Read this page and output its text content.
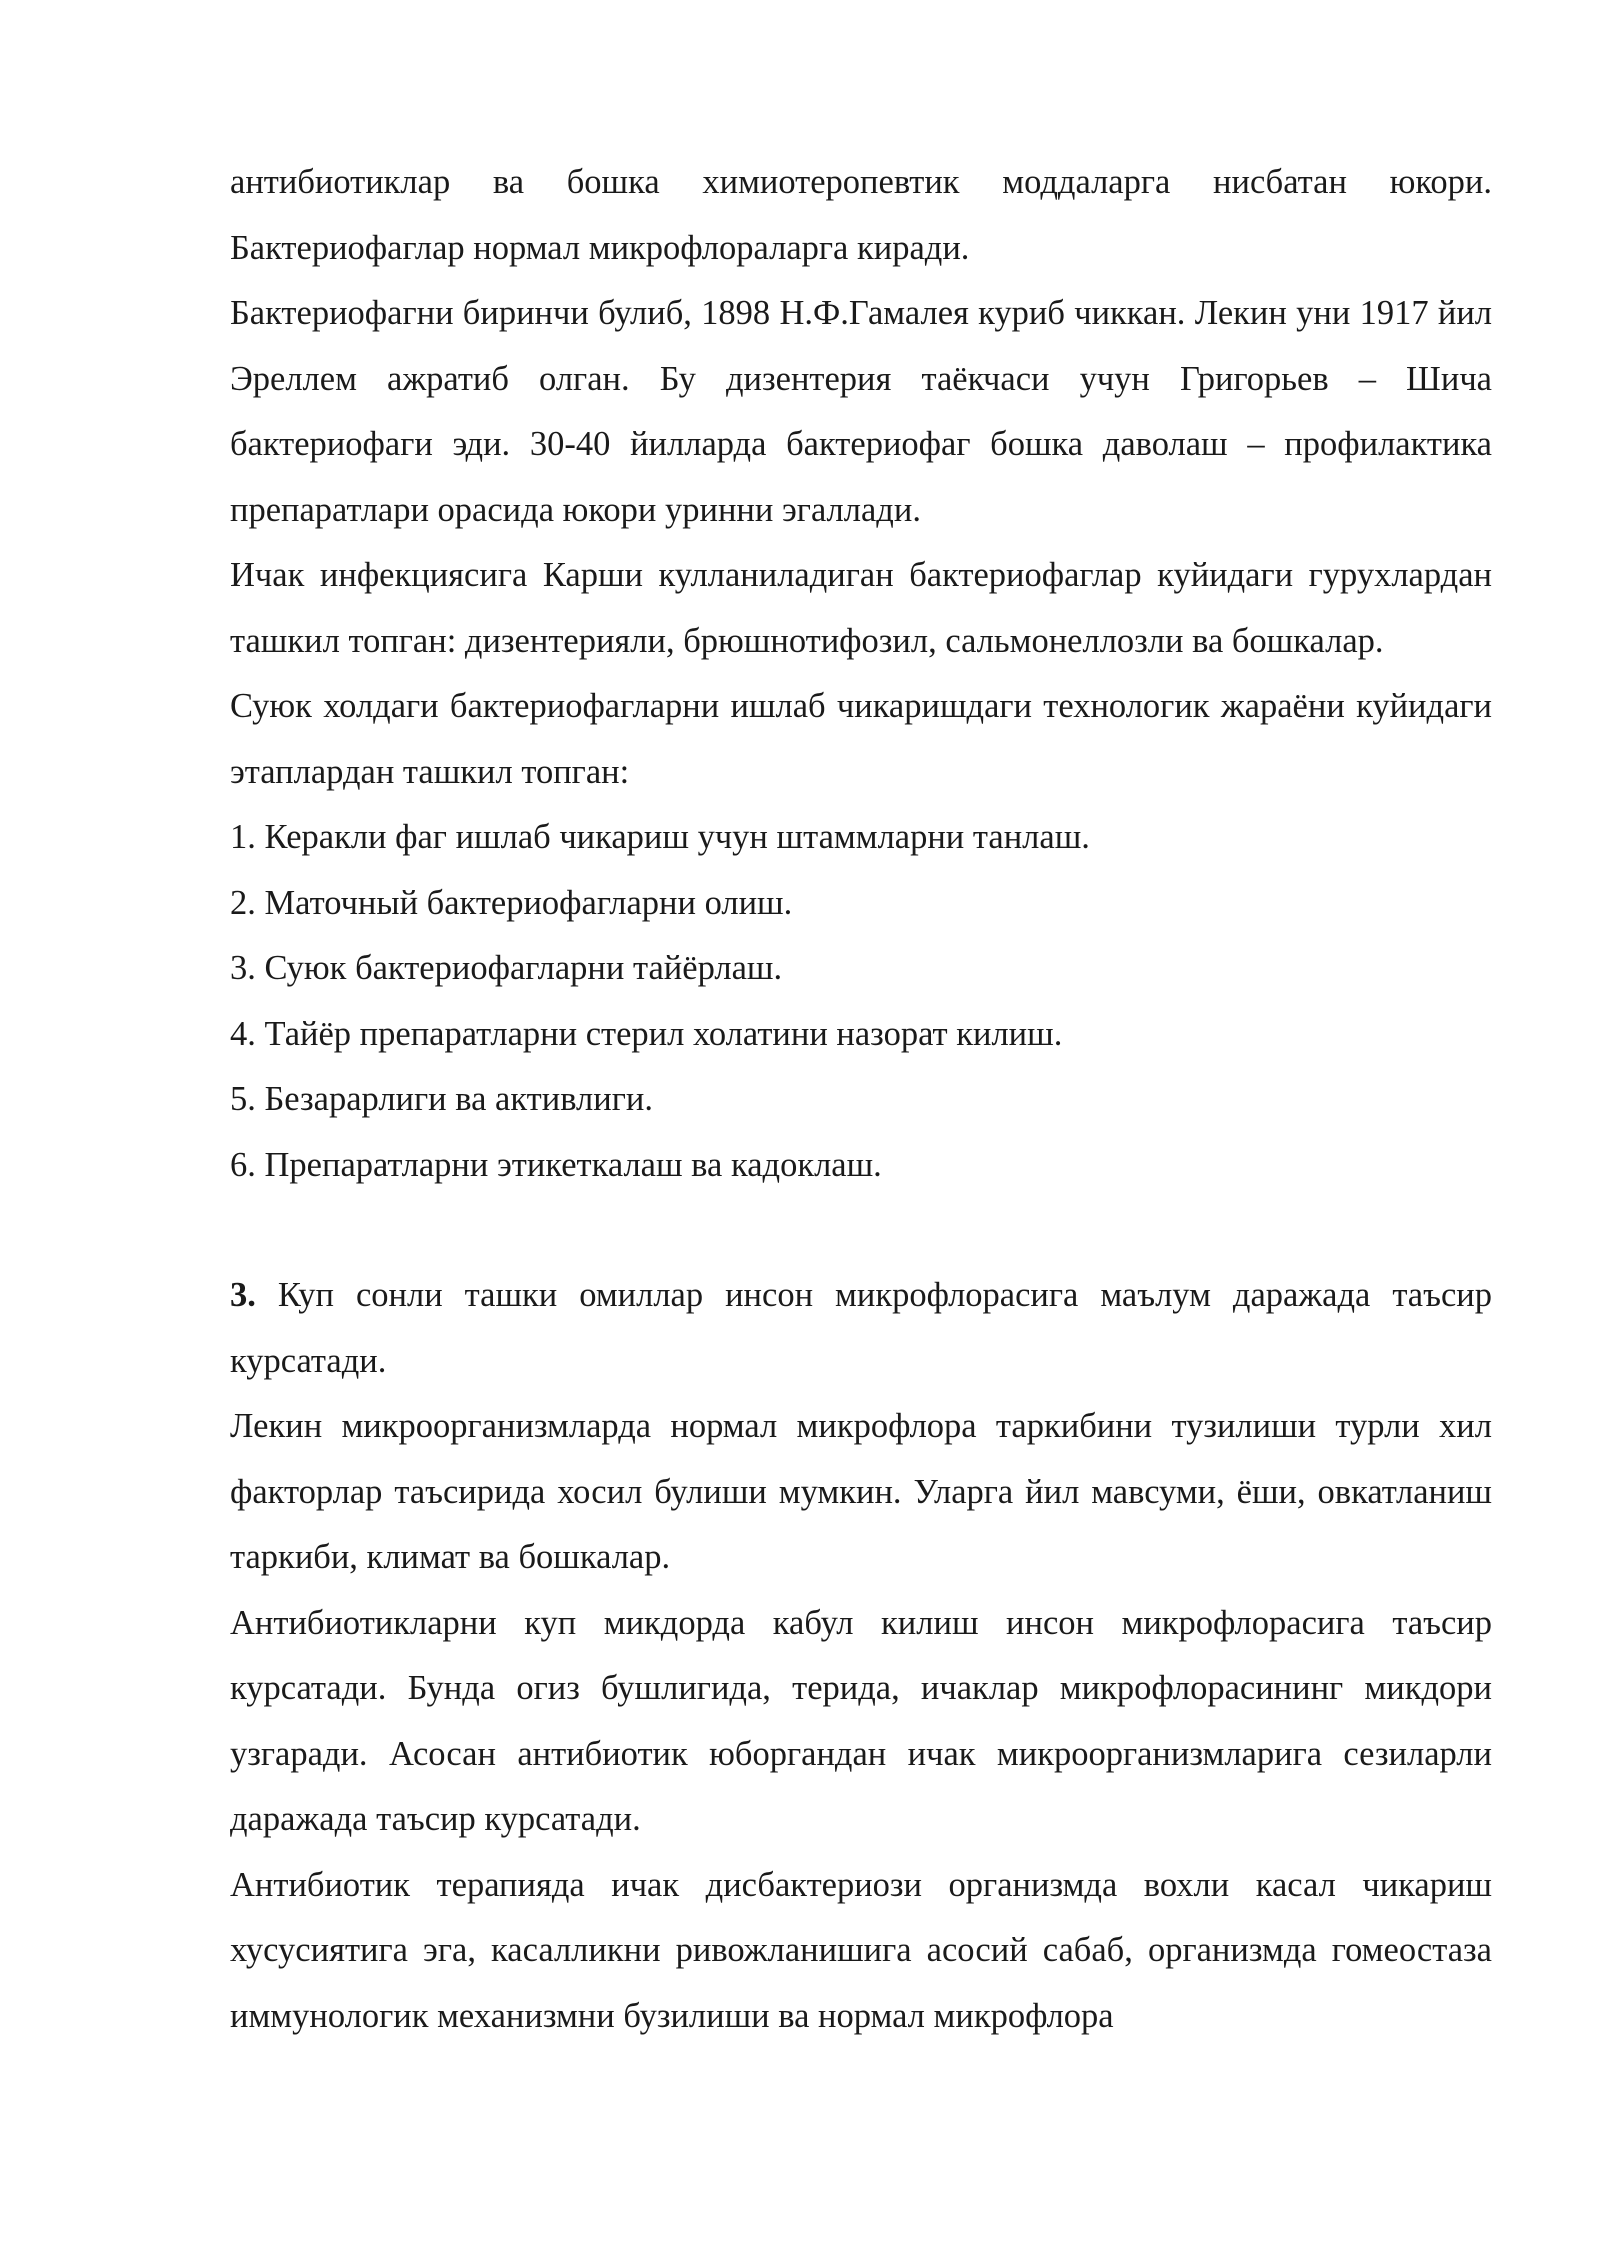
антибиотиклар ва бошка химиотеропевтик моддаларга нисбатан юкори. Бактериофаглар нормал микрофлораларга киради.

Бактериофагни биринчи булиб, 1898 Н.Ф.Гамалея куриб чиккан. Лекин уни 1917 йил Эреллем ажратиб олган. Бу дизентерия таёкчаси учун Григорьев – Шича бактериофаги эди. 30-40 йилларда бактериофаг бошка даволаш – профилактика препаратлари орасида юкори уринни эгаллади.

Ичак инфекциясига Карши кулланиладиган бактериофаглар куйидаги гурухлардан ташкил топган: дизентерияли, брюшнотифозил, сальмонеллозли ва бошкалар.

Суюк холдаги бактериофагларни ишлаб чикаришдаги технологик жараёни куйидаги этаплардан ташкил топган:

1. Керакли фаг ишлаб чикариш учун штаммларни танлаш.

2. Маточный бактериофагларни олиш.

3. Суюк бактериофагларни тайёрлаш.

4. Тайёр препаратларни стерил холатини назорат килиш.

5. Безарарлиги ва активлиги.

6. Препаратларни этикеткалаш ва кадоклаш.

3. Куп сонли ташки омиллар инсон микрофлорасига маълум даражада таъсир курсатади.

Лекин микроорганизмларда нормал микрофлора таркибини тузилиши турли хил факторлар таъсирида хосил булиши мумкин. Уларга йил мавсуми, ёши, овкатланиш таркиби, климат ва бошкалар.

Антибиотикларни куп микдорда кабул килиш инсон микрофлорасига таъсир курсатади. Бунда огиз бушлигида, терида, ичаклар микрофлорасининг микдори узгаради. Асосан антибиотик юборгандан ичак микроорганизмларига сезиларли даражада таъсир курсатади.

Антибиотик терапияда ичак дисбактериози организмда вохли касал чикариш хусусиятига эга, касалликни ривожланишига асосий сабаб, организмда гомеостаза иммунологик механизмни бузилиши ва нормал микрофлора
